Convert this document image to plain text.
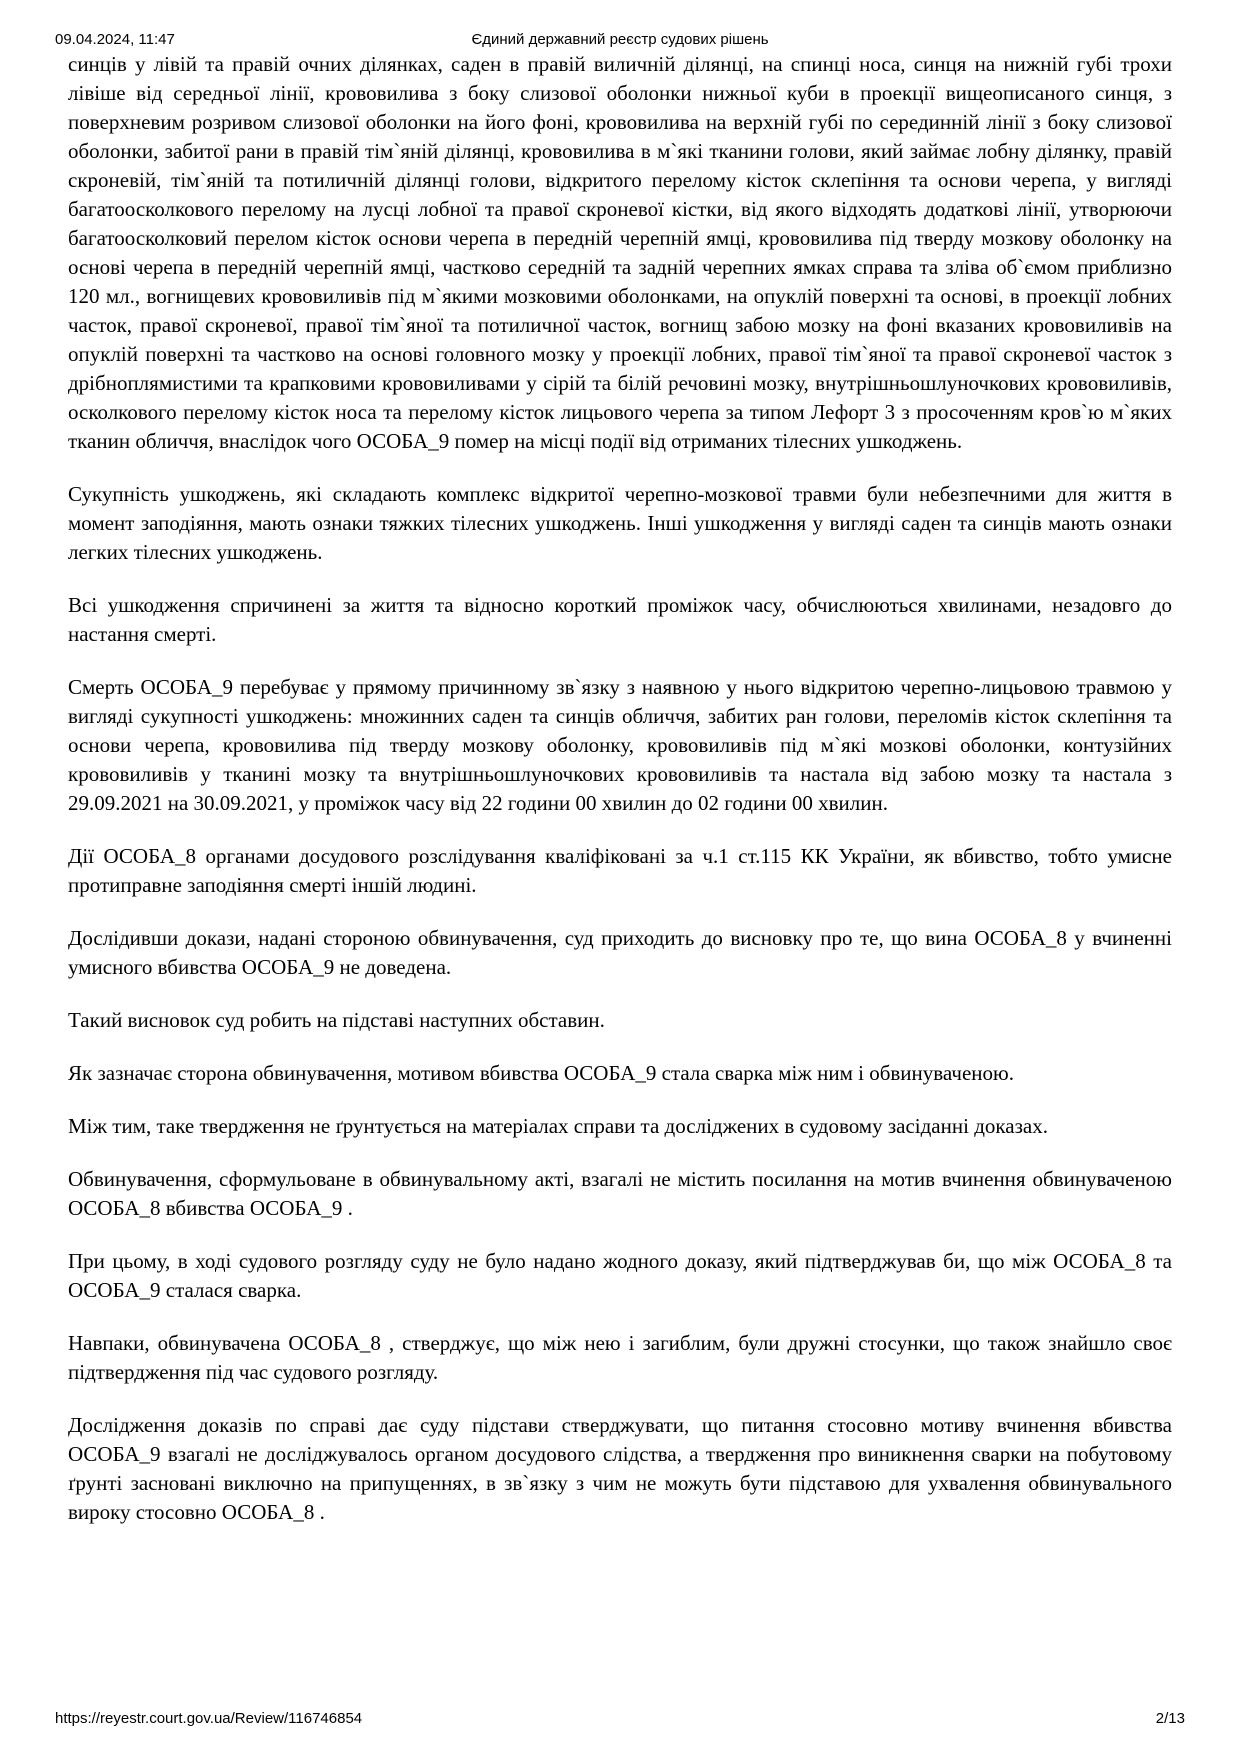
09.04.2024, 11:47	Єдиний державний реєстр судових рішень

синців у лівій та правій очних ділянках, саден в правій виличній ділянці, на спинці носа, синця на нижній губі трохи лівіше від середньої лінії, крововилива з боку слизової оболонки нижньої куби в проекції вищеописаного синця, з поверхневим розривом слизової оболонки на його фоні, крововилива на верхній губі по серединній лінії з боку слизової оболонки, забитої рани в правій тім`яній ділянці, крововилива в м`які тканини голови, який займає лобну ділянку, правій скроневій, тім`яній та потиличній ділянці голови, відкритого перелому кісток склепіння та основи черепа, у вигляді багатоосколкового перелому на лусці лобної та правої скроневої кістки, від якого відходять додаткові лінії, утворюючи багатоосколковий перелом кісток основи черепа в передній черепній ямці, крововилива під тверду мозкову оболонку на основі черепа в передній черепній ямці, частково середній та задній черепних ямках справа та зліва об`ємом приблизно 120 мл., вогнищевих крововиливів під м`якими мозковими оболонками, на опуклій поверхні та основі, в проекції лобних часток, правої скроневої, правої тім`яної та потиличної часток, вогнищ забою мозку на фоні вказаних крововиливів на опуклій поверхні та частково на основі головного мозку у проекції лобних, правої тім`яної та правої скроневої часток з дрібноплямистими та крапковими крововиливами у сірій та білій речовині мозку, внутрішньошлуночкових крововиливів, осколкового перелому кісток носа та перелому кісток лицьового черепа за типом Лефорт 3 з просоченням кров`ю м`яких тканин обличчя, внаслідок чого ОСОБА_9 помер на місці події від отриманих тілесних ушкоджень.

Сукупність ушкоджень, які складають комплекс відкритої черепно-мозкової травми були небезпечними для життя в момент заподіяння, мають ознаки тяжких тілесних ушкоджень. Інші ушкодження у вигляді саден та синців мають ознаки легких тілесних ушкоджень.

Всі ушкодження спричинені за життя та відносно короткий проміжок часу, обчислюються хвилинами, незадовго до настання смерті.

Смерть ОСОБА_9 перебуває у прямому причинному зв`язку з наявною у нього відкритою черепно-лицьовою травмою у вигляді сукупності ушкоджень: множинних саден та синців обличчя, забитих ран голови, переломів кісток склепіння та основи черепа, крововилива під тверду мозкову оболонку, крововиливів під м`які мозкові оболонки, контузійних крововиливів у тканині мозку та внутрішньошлуночкових крововиливів та настала від забою мозку та настала з 29.09.2021 на 30.09.2021, у проміжок часу від 22 години 00 хвилин до 02 години 00 хвилин.

Дії ОСОБА_8 органами досудового розслідування кваліфіковані за ч.1 ст.115 КК України, як вбивство, тобто умисне протиправне заподіяння смерті іншій людині.

Дослідивши докази, надані стороною обвинувачення, суд приходить до висновку про те, що вина ОСОБА_8 у вчиненні умисного вбивства ОСОБА_9 не доведена.

Такий висновок суд робить на підставі наступних обставин.

Як зазначає сторона обвинувачення, мотивом вбивства ОСОБА_9 стала сварка між ним і обвинуваченою.

Між тим, таке твердження не ґрунтується на матеріалах справи та досліджених в судовому засіданні доказах.

Обвинувачення, сформульоване в обвинувальному акті, взагалі не містить посилання на мотив вчинення обвинуваченою ОСОБА_8 вбивства ОСОБА_9 .

При цьому, в ході судового розгляду суду не було надано жодного доказу, який підтверджував би, що між ОСОБА_8 та ОСОБА_9 сталася сварка.

Навпаки, обвинувачена ОСОБА_8 , стверджує, що між нею і загиблим, були дружні стосунки, що також знайшло своє підтвердження під час судового розгляду.

Дослідження доказів по справі дає суду підстави стверджувати, що питання стосовно мотиву вчинення вбивства ОСОБА_9 взагалі не досліджувалось органом досудового слідства, а твердження про виникнення сварки на побутовому ґрунті засновані виключно на припущеннях, в зв`язку з чим не можуть бути підставою для ухвалення обвинувального вироку стосовно ОСОБА_8 .

https://reyestr.court.gov.ua/Review/116746854	2/13
